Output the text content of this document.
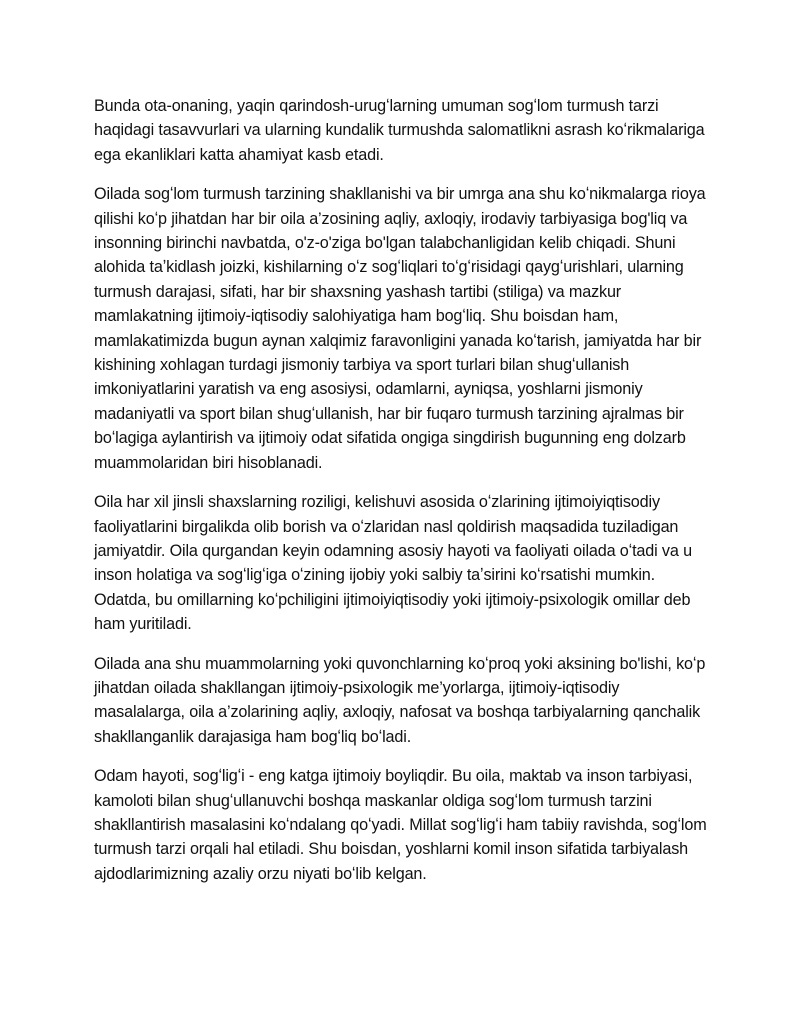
Bunda ota-onaning, yaqin qarindosh-urugʻlarning umuman sogʻlom turmush tarzi haqidagi tasavvurlari va ularning kundalik turmushda salomatlikni asrash koʻrikmalariga ega ekanliklari katta ahamiyat kasb etadi.

Oilada sogʻlom turmush tarzining shakllanishi va bir umrga ana shu koʻnikmalarga rioya qilishi koʻp jihatdan har bir oila a’zosining aqliy, axloqiy, irodaviy tarbiyasiga bog'liq va insonning birinchi navbatda, o'z-o'ziga bo'lgan talabchanligidan kelib chiqadi. Shuni alohida taʼkidlash joizki, kishilarning oʻz sogʻliqlari toʻgʻrisidagi qaygʻurishlari, ularning turmush darajasi, sifati, har bir shaxsning yashash tartibi (stiliga) va mazkur mamlakatning ijtimoiy-iqtisodiy salohiyatiga ham bogʻliq. Shu boisdan ham, mamlakatimizda bugun aynan xalqimiz faravonligini yanada koʻtarish, jamiyatda har bir kishining xohlagan turdagi jismoniy tarbiya va sport turlari bilan shugʻullanish imkoniyatlarini yaratish va eng asosiysi, odamlarni, ayniqsa, yoshlarni jismoniy madaniyatli va sport bilan shugʻullanish, har bir fuqaro turmush tarzining ajralmas bir boʻlagiga aylantirish va ijtimoiy odat sifatida ongiga singdirish bugunning eng dolzarb muammolaridan biri hisoblanadi.

Oila har xil jinsli shaxslarning roziligi, kelishuvi asosida oʻzlarining ijtimoiyiqtisodiy faoliyatlarini birgalikda olib borish va oʻzlaridan nasl qoldirish maqsadida tuziladigan jamiyatdir. Oila qurgandan keyin odamning asosiy hayoti va faoliyati oilada oʻtadi va u inson holatiga va sogʻligʻiga oʻzining ijobiy yoki salbiy taʼsirini koʻrsatishi mumkin. Odatda, bu omillarning koʻpchiligini ijtimoiyiqtisodiy yoki ijtimoiy-psixologik omillar deb ham yuritiladi.

Oilada ana shu muammolarning yoki quvonchlarning koʻproq yoki aksining bo'lishi, koʻp jihatdan oilada shakllangan ijtimoiy-psixologik me’yorlarga, ijtimoiy-iqtisodiy masalalarga, oila a’zolarining aqliy, axloqiy, nafosat va boshqa tarbiyalarning qanchalik shakllanganlik darajasiga ham bogʻliq boʻladi.

Odam hayoti, sogʻligʻi - eng katga ijtimoiy boyliqdir. Bu oila, maktab va inson tarbiyasi, kamoloti bilan shugʻullanuvchi boshqa maskanlar oldiga sogʻlom turmush tarzini shakllantirish masalasini koʻndalang qoʻyadi. Millat sogʻligʻi ham tabiiy ravishda, sogʻlom turmush tarzi orqali hal etiladi. Shu boisdan, yoshlarni komil inson sifatida tarbiyalash ajdodlarimizning azaliy orzu niyati boʻlib kelgan.
